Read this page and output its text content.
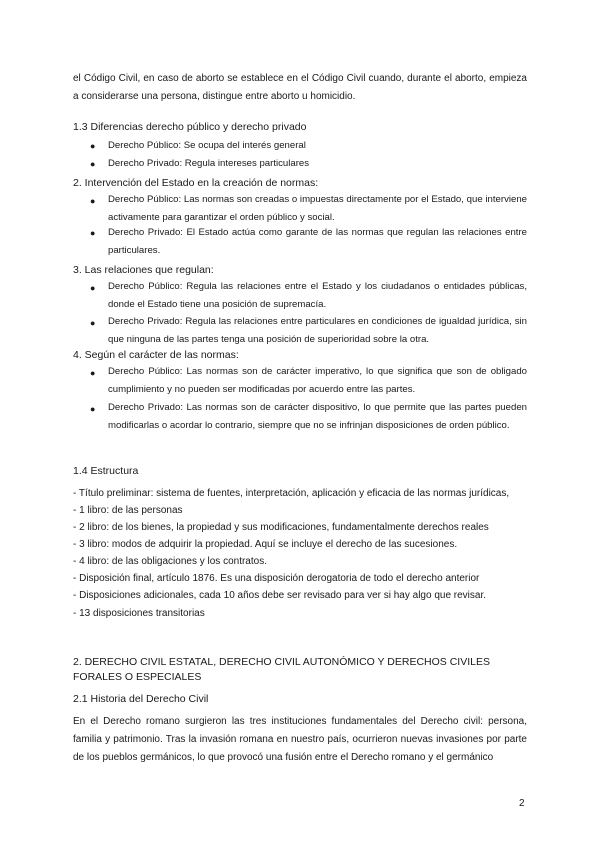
el Código Civil, en caso de aborto se establece en el Código Civil cuando, durante el aborto, empieza a considerarse una persona, distingue entre aborto u homicidio.

1.3 Diferencias derecho público y derecho privado

● Derecho Público: Se ocupa del interés general

● Derecho Privado: Regula intereses particulares

2. Intervención del Estado en la creación de normas:

● Derecho Público: Las normas son creadas o impuestas directamente por el Estado, que interviene activamente para garantizar el orden público y social.

● Derecho Privado: El Estado actúa como garante de las normas que regulan las relaciones entre particulares.

3. Las relaciones que regulan:

● Derecho Público: Regula las relaciones entre el Estado y los ciudadanos o entidades públicas, donde el Estado tiene una posición de supremacía.

● Derecho Privado: Regula las relaciones entre particulares en condiciones de igualdad jurídica, sin que ninguna de las partes tenga una posición de superioridad sobre la otra.

4. Según el carácter de las normas:

● Derecho Público: Las normas son de carácter imperativo, lo que significa que son de obligado cumplimiento y no pueden ser modificadas por acuerdo entre las partes.

● Derecho Privado: Las normas son de carácter dispositivo, lo que permite que las partes pueden modificarlas o acordar lo contrario, siempre que no se infrinjan disposiciones de orden público.

1.4 Estructura

- Título preliminar: sistema de fuentes, interpretación, aplicación y eficacia de las normas jurídicas,

- 1 libro: de las personas

- 2 libro: de los bienes, la propiedad y sus modificaciones, fundamentalmente derechos reales

- 3 libro: modos de adquirir la propiedad. Aquí se incluye el derecho de las sucesiones.

- 4 libro: de las obligaciones y los contratos.

- Disposición final, artículo 1876. Es una disposición derogatoria de todo el derecho anterior

- Disposiciones adicionales, cada 10 años debe ser revisado para ver si hay algo que revisar.

- 13 disposiciones transitorias

2. DERECHO CIVIL ESTATAL, DERECHO CIVIL AUTONÓMICO Y DERECHOS CIVILES FORALES O ESPECIALES

2.1 Historia del Derecho Civil

En el Derecho romano surgieron las tres instituciones fundamentales del Derecho civil: persona, familia y patrimonio. Tras la invasión romana en nuestro país, ocurrieron nuevas invasiones por parte de los pueblos germánicos, lo que provocó una fusión entre el Derecho romano y el germánico

2
